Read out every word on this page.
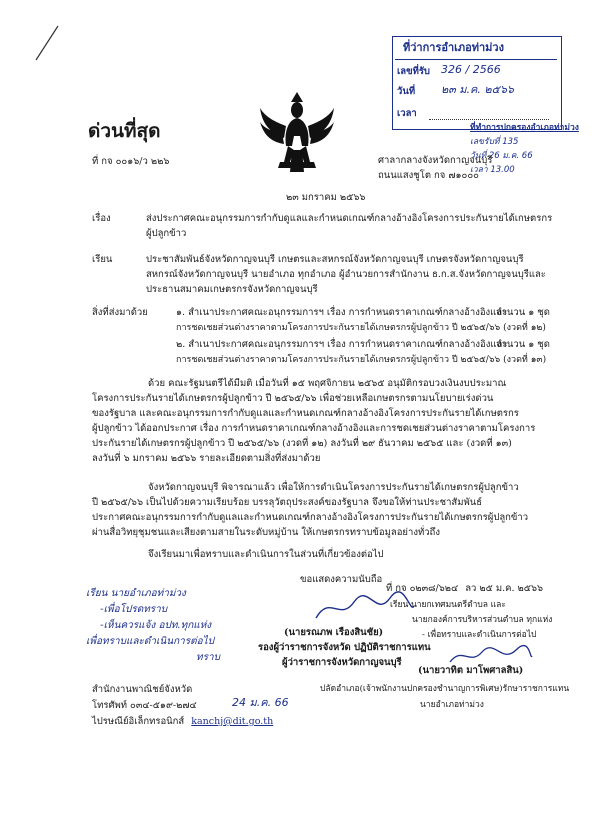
ที่ว่าการอำเภอท่าม่วง
เลขที่รับ 326 / 2566
วันที่ ๒๓ ม.ค. ๒๕๖๖
เวลา
ด่วนที่สุด
ที่ กจ ๐๐๑๖/ว ๒๒๖
ที่ทำการปกครองอำเภอท่าม่วง
เลขรับที่ 135
วันที่ 26 ม.ค. 66
เวลา 13.00
ศาลากลางจังหวัดกาญจนบุรี
ถนนแสงชูโต กจ ๗๑๐๐๐
๒๓ มกราคม ๒๕๖๖
เรื่อง	ส่งประกาศคณะอนุกรรมการกำกับดูแลและกำหนดเกณฑ์กลางอ้างอิงโครงการประกันรายได้เกษตรกร
ผู้ปลูกข้าว
เรียน	ประชาสัมพันธ์จังหวัดกาญจนบุรี เกษตรและสหกรณ์จังหวัดกาญจนบุรี เกษตรจังหวัดกาญจนบุรี
สหกรณ์จังหวัดกาญจนบุรี นายอำเภอ ทุกอำเภอ ผู้อำนวยการสำนักงาน ธ.ก.ส.จังหวัดกาญจนบุรีและ
ประธานสมาคมเกษตรกรจังหวัดกาญจนบุรี
สิ่งที่ส่งมาด้วย	๑. สำเนาประกาศคณะอนุกรรมการฯ เรื่อง การกำหนดราคาเกณฑ์กลางอ้างอิงและ
จำนวน ๑ ชุด
การชดเชยส่วนต่างราคาตามโครงการประกันรายได้เกษตรกรผู้ปลูกข้าว ปี ๒๕๖๕/๖๖ (งวดที่ ๑๒)
๒. สำเนาประกาศคณะอนุกรรมการฯ เรื่อง การกำหนดราคาเกณฑ์กลางอ้างอิงและ
จำนวน ๑ ชุด
การชดเชยส่วนต่างราคาตามโครงการประกันรายได้เกษตรกรผู้ปลูกข้าว ปี ๒๕๖๕/๖๖ (งวดที่ ๑๓)
ด้วย คณะรัฐมนตรีได้มีมติ เมื่อวันที่ ๑๕ พฤศจิกายน ๒๕๖๕ อนุมัติกรอบวงเงินงบประมาณ
โครงการประกันรายได้เกษตรกรผู้ปลูกข้าว ปี ๒๕๖๕/๖๖ เพื่อช่วยเหลือเกษตรกรตามนโยบายเร่งด่วน
ของรัฐบาล และคณะอนุกรรมการกำกับดูแลและกำหนดเกณฑ์กลางอ้างอิงโครงการประกันรายได้เกษตรกร
ผู้ปลูกข้าว ได้ออกประกาศ เรื่อง การกำหนดราคาเกณฑ์กลางอ้างอิงและการชดเชยส่วนต่างราคาตามโครงการ
ประกันรายได้เกษตรกรผู้ปลูกข้าว ปี ๒๕๖๕/๖๖ (งวดที่ ๑๒) ลงวันที่ ๒๙ ธันวาคม ๒๕๖๕ และ (งวดที่ ๑๓)
ลงวันที่ ๖ มกราคม ๒๕๖๖ รายละเอียดตามสิ่งที่ส่งมาด้วย
จังหวัดกาญจนบุรี พิจารณาแล้ว เพื่อให้การดำเนินโครงการประกันรายได้เกษตรกรผู้ปลูกข้าว
ปี ๒๕๖๕/๖๖ เป็นไปด้วยความเรียบร้อย บรรลุวัตถุประสงค์ของรัฐบาล จึงขอให้ท่านประชาสัมพันธ์
ประกาศคณะอนุกรรมการกำกับดูแลและกำหนดเกณฑ์กลางอ้างอิงโครงการประกันรายได้เกษตรกรผู้ปลูกข้าว
ผ่านสื่อวิทยุชุมชนและเสียงตามสายในระดับหมู่บ้าน ให้เกษตรกรทราบข้อมูลอย่างทั่วถึง
จึงเรียนมาเพื่อทราบและดำเนินการในส่วนที่เกี่ยวข้องต่อไป
ขอแสดงความนับถือ
(นายรณภพ เรืองสินชัย)
รองผู้ว่าราชการจังหวัด ปฏิบัติราชการแทน
ผู้ว่าราชการจังหวัดกาญจนบุรี
เรียน นายอำเภอท่าม่วง
-เพื่อโปรดทราบ
-เห็นควรแจ้ง อปท.ทุกแห่ง
เพื่อทราบและดำเนินการต่อไป
ทราบ
ที่ กจ ๐๒๓๘/๖๒๔ ลว ๒๕ ม.ค. ๒๕๖๖
เรียน นายกเทศมนตรีตำบล และ
นายกองค์การบริหารส่วนตำบล ทุกแห่ง
- เพื่อทราบและดำเนินการต่อไป
(นายวาทิต มาโพศาลสิน)
ปลัดอำเภอ(เจ้าพนักงานปกครองชำนาญการพิเศษ)รักษาราชการแทน
นายอำเภอท่าม่วง
สำนักงานพาณิชย์จังหวัด
โทรศัพท์ ๐๓๔-๕๑๙-๒๗๔
ไปรษณีย์อิเล็กทรอนิกส์ kanchj@dit.go.th
24 ม.ค. 66
